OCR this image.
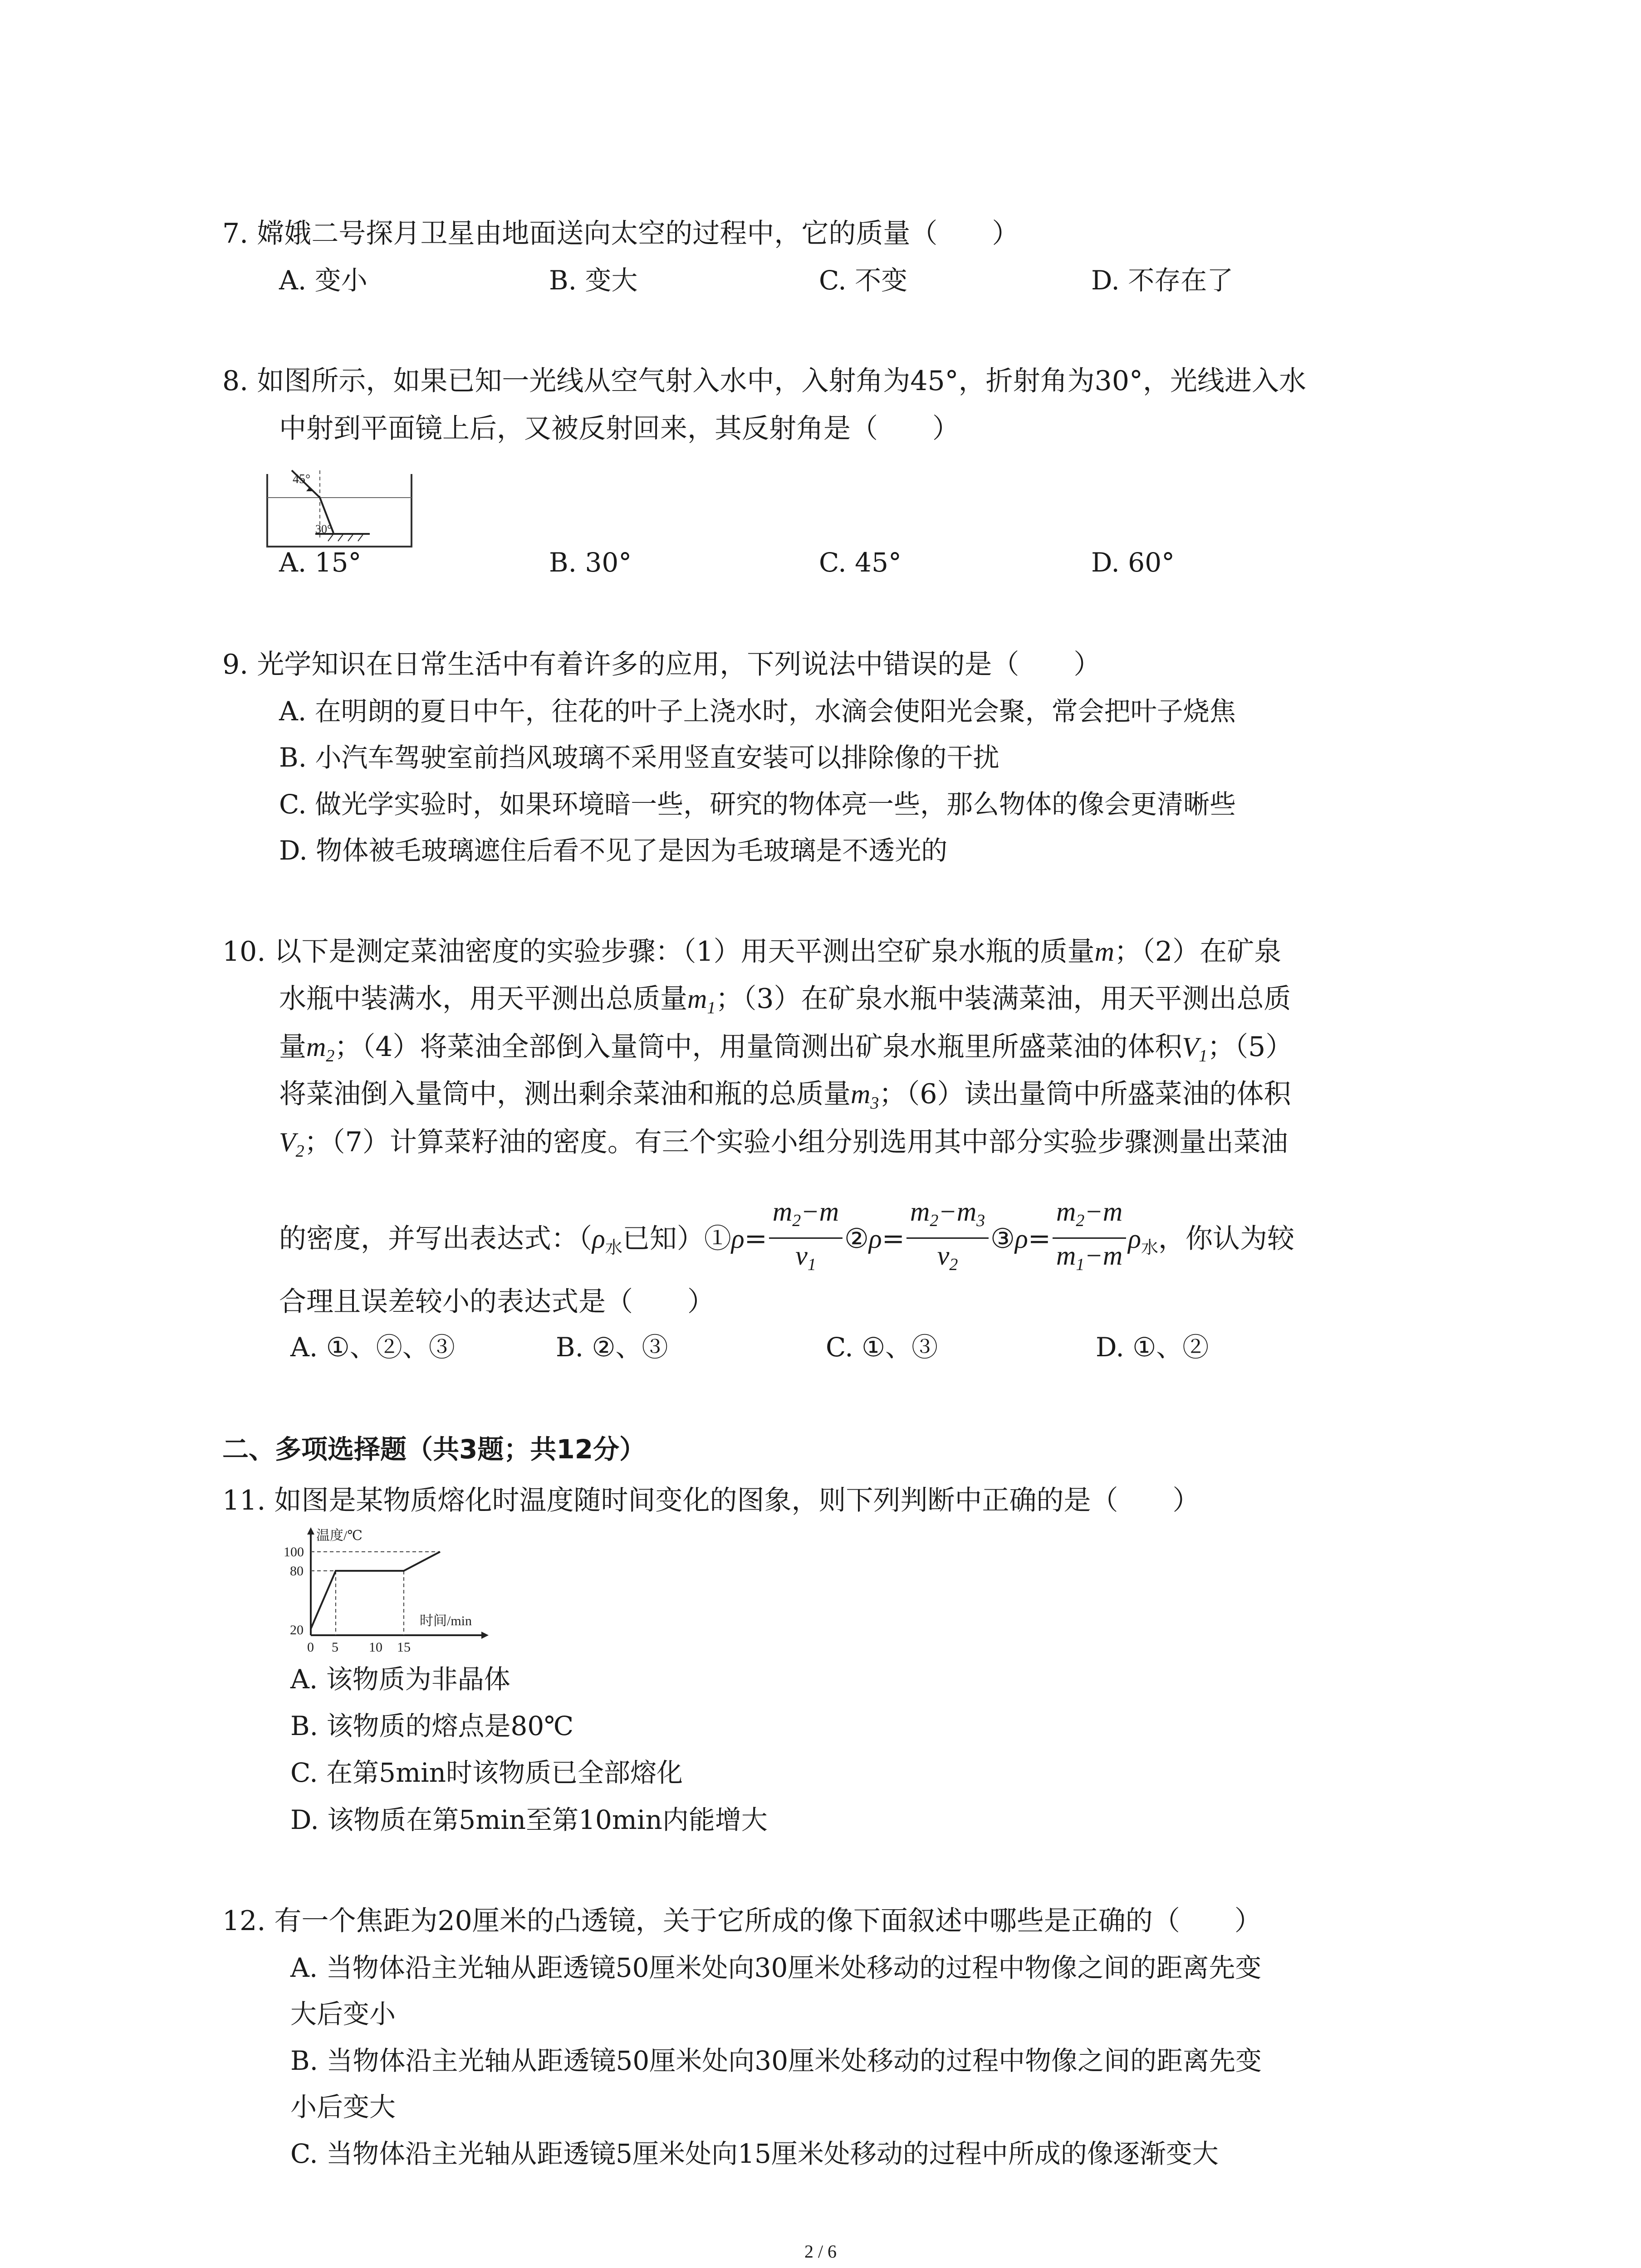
7. 嫦娥二号探月卫星由地面送向太空的过程中，它的质量（　　）
A. 变小	B. 变大	C. 不变	D. 不存在了
8. 如图所示，如果已知一光线从空气射入水中，入射角为45°，折射角为30°，光线进入水
中射到平面镜上后，又被反射回来，其反射角是（　　）
45°
30°
A. 15°	B. 30°	C. 45°	D. 60°
9. 光学知识在日常生活中有着许多的应用，下列说法中错误的是（　　）
A. 在明朗的夏日中午，往花的叶子上浇水时，水滴会使阳光会聚，常会把叶子烧焦
B. 小汽车驾驶室前挡风玻璃不采用竖直安装可以排除像的干扰
C. 做光学实验时，如果环境暗一些，研究的物体亮一些，那么物体的像会更清晰些
D. 物体被毛玻璃遮住后看不见了是因为毛玻璃是不透光的
10. 以下是测定菜油密度的实验步骤：（1）用天平测出空矿泉水瓶的质量m；（2）在矿泉
水瓶中装满水，用天平测出总质量$m_1$；（3）在矿泉水瓶中装满菜油，用天平测出总质
量$m_2$；（4）将菜油全部倒入量筒中，用量筒测出矿泉水瓶里所盛菜油的体积$V_1$；（5）
将菜油倒入量筒中，测出剩余菜油和瓶的总质量$m_3$；（6）读出量筒中所盛菜油的体积
$V_2$；（7）计算菜籽油的密度。有三个实验小组分别选用其中部分实验步骤测量出菜油
的密度，并写出表达式：（$\rho_水$已知）①ρ= $\frac{m_2-m}{v_1}$ ②ρ= $\frac{m_2-m_3}{v_2}$ ③ρ= $\frac{m_2-m}{m_1-m} \rho_水$，你认为较
合理且误差较小的表达式是（　　）
A. ①、②、③	B. ②、③	C. ①、③	D. ①、②
二、多项选择题（共3题；共12分）
11. 如图是某物质熔化时温度随时间变化的图象，则下列判断中正确的是（　　）
温度/℃
时间/min
100
80
20
0 5 10 15
A. 该物质为非晶体
B. 该物质的熔点是80℃
C. 在第5min时该物质已全部熔化
D. 该物质在第5min至第10min内能增大
12. 有一个焦距为20厘米的凸透镜，关于它所成的像下面叙述中哪些是正确的（　　）
A. 当物体沿主光轴从距透镜50厘米处向30厘米处移动的过程中物像之间的距离先变
大后变小
B. 当物体沿主光轴从距透镜50厘米处向30厘米处移动的过程中物像之间的距离先变
小后变大
C. 当物体沿主光轴从距透镜5厘米处向15厘米处移动的过程中所成的像逐渐变大
2 / 6
